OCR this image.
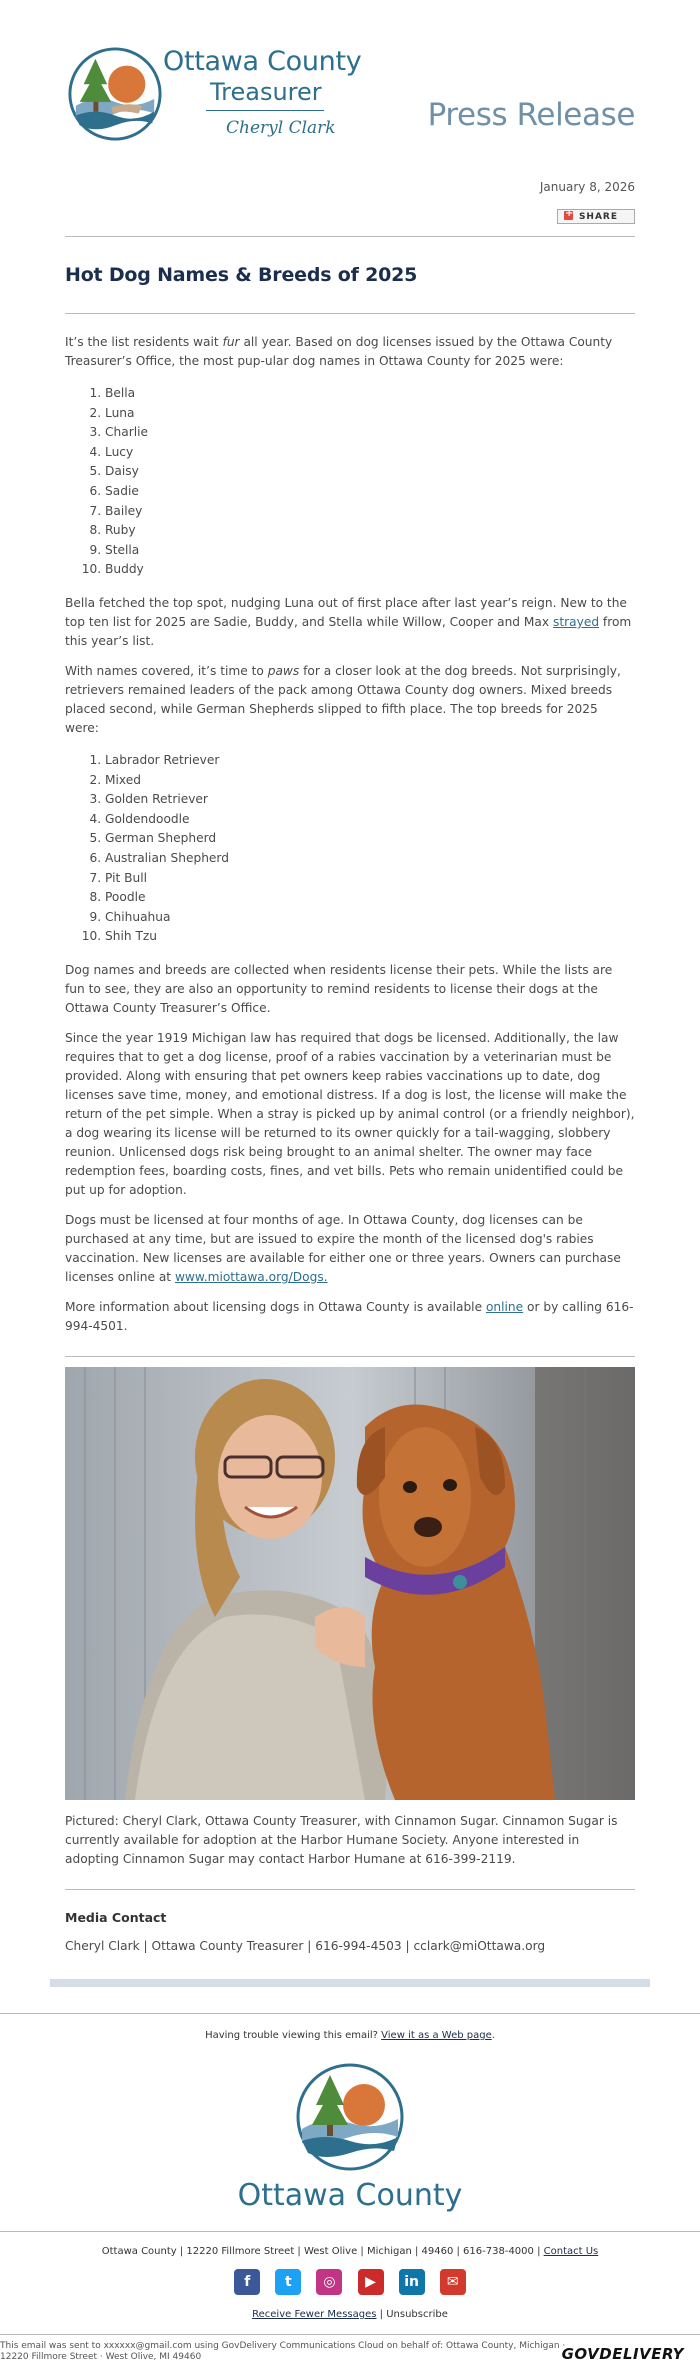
Ottawa County
Treasurer
Cheryl Clark	Press Release
January 8, 2026
+SHARE
Hot Dog Names & Breeds of 2025

It’s the list residents wait fur all year. Based on dog licenses issued by the Ottawa County Treasurer’s Office, the most pup-ular dog names in Ottawa County for 2025 were:

1. Bella
2. Luna
3. Charlie
4. Lucy
5. Daisy
6. Sadie
7. Bailey
8. Ruby
9. Stella
10. Buddy

Bella fetched the top spot, nudging Luna out of first place after last year’s reign. New to the top ten list for 2025 are Sadie, Buddy, and Stella while Willow, Cooper and Max strayed from this year’s list.

With names covered, it’s time to paws for a closer look at the dog breeds. Not surprisingly, retrievers remained leaders of the pack among Ottawa County dog owners. Mixed breeds placed second, while German Shepherds slipped to fifth place. The top breeds for 2025 were:

1. Labrador Retriever
2. Mixed
3. Golden Retriever
4. Goldendoodle
5. German Shepherd
6. Australian Shepherd
7. Pit Bull
8. Poodle
9. Chihuahua
10. Shih Tzu

Dog names and breeds are collected when residents license their pets. While the lists are fun to see, they are also an opportunity to remind residents to license their dogs at the Ottawa County Treasurer’s Office.

Since the year 1919 Michigan law has required that dogs be licensed. Additionally, the law requires that to get a dog license, proof of a rabies vaccination by a veterinarian must be provided. Along with ensuring that pet owners keep rabies vaccinations up to date, dog licenses save time, money, and emotional distress. If a dog is lost, the license will make the return of the pet simple. When a stray is picked up by animal control (or a friendly neighbor), a dog wearing its license will be returned to its owner quickly for a tail-wagging, slobbery reunion. Unlicensed dogs risk being brought to an animal shelter. The owner may face redemption fees, boarding costs, fines, and vet bills. Pets who remain unidentified could be put up for adoption.

Dogs must be licensed at four months of age. In Ottawa County, dog licenses can be purchased at any time, but are issued to expire the month of the licensed dog's rabies vaccination. New licenses are available for either one or three years. Owners can purchase licenses online at www.miottawa.org/Dogs.

More information about licensing dogs in Ottawa County is available online or by calling 616-994-4501.

Pictured: Cheryl Clark, Ottawa County Treasurer, with Cinnamon Sugar. Cinnamon Sugar is currently available for adoption at the Harbor Humane Society. Anyone interested in adopting Cinnamon Sugar may contact Harbor Humane at 616-399-2119.

Media Contact
Cheryl Clark | Ottawa County Treasurer | 616-994-4503 | cclark@miOttawa.org
Having trouble viewing this email? View it as a Web page.
Ottawa County
Ottawa County | 12220 Fillmore Street | West Olive | Michigan | 49460 | 616-738-4000 | Contact Us
f t ◎ ▶ in ✉
Receive Fewer Messages | Unsubscribe
This email was sent to xxxxxx@gmail.com using GovDelivery Communications Cloud on behalf of: Ottawa County, Michigan · 12220 Fillmore Street · West Olive, MI 49460	GOVDELIVERY
